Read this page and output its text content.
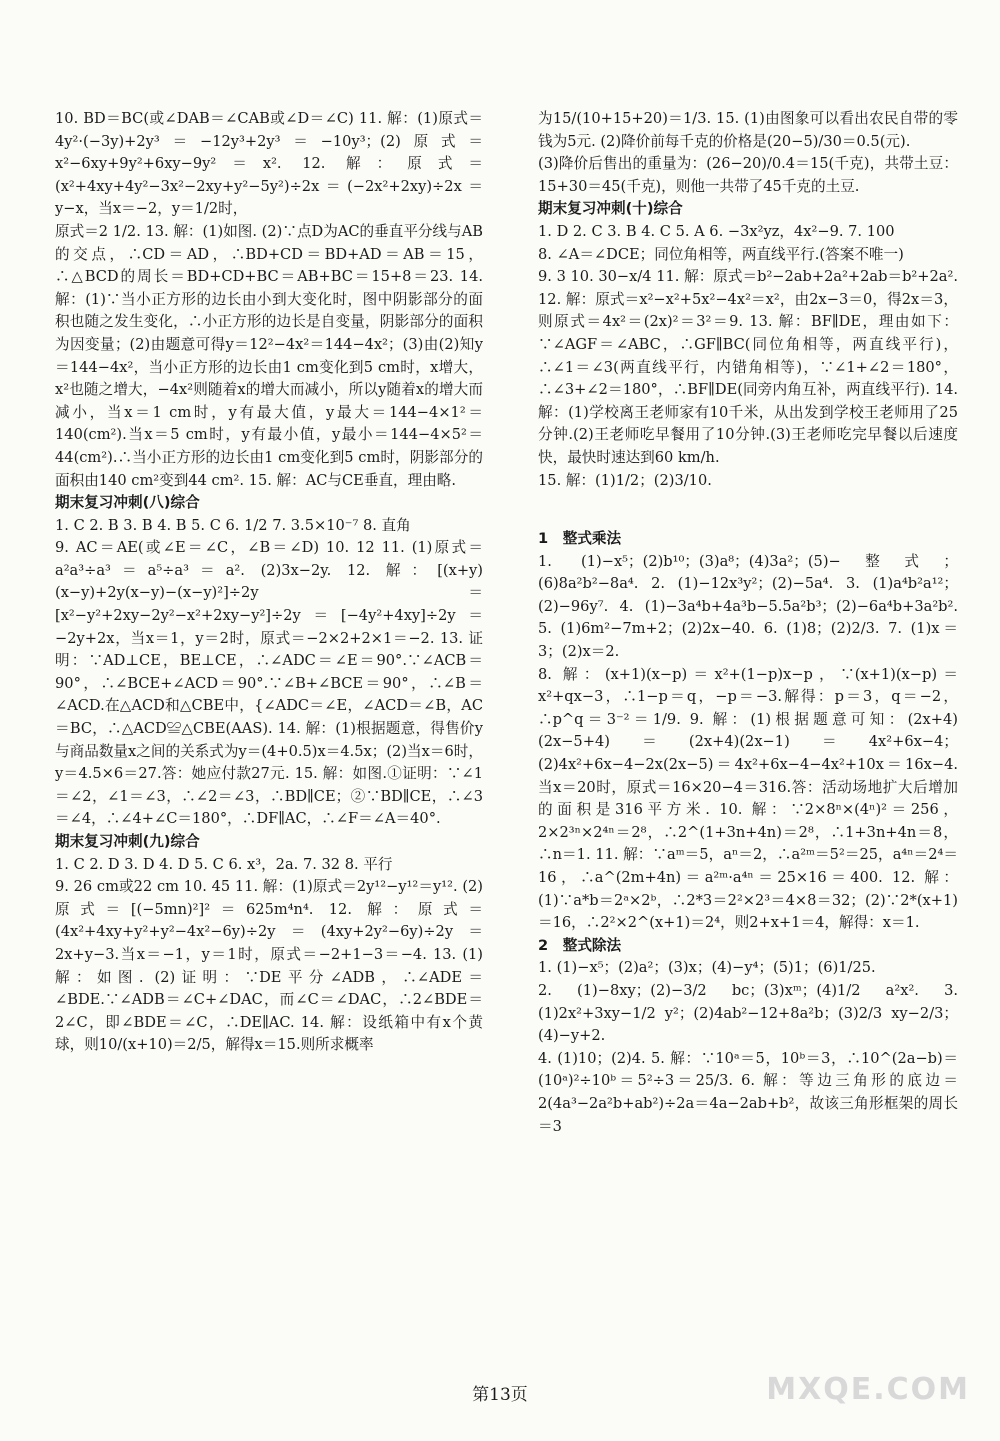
10. BD＝BC(或∠DAB＝∠CAB或∠D＝∠C) 11. 解：(1)原式＝4y²·(−3y)+2y³＝−12y³+2y³＝−10y³；(2)原式＝x²−6xy+9y²+6xy−9y²＝x². 12. 解：原式＝(x²+4xy+4y²−3x²−2xy+y²−5y²)÷2x＝(−2x²+2xy)÷2x＝y−x，当x＝−2，y＝1/2时，

原式＝2 1/2. 13. 解：(1)如图. (2)∵点D为AC的垂直平分线与AB的交点，∴CD＝AD，∴BD+CD＝BD+AD＝AB＝15，∴△BCD的周长＝BD+CD+BC＝AB+BC＝15+8＝23. 14. 解：(1)∵当小正方形的边长由小到大变化时，图中阴影部分的面积也随之发生变化，∴小正方形的边长是自变量，阴影部分的面积为因变量；(2)由题意可得y＝12²−4x²＝144−4x²；(3)由(2)知y＝144−4x²，当小正方形的边长由1 cm变化到5 cm时，x增大，x²也随之增大，−4x²则随着x的增大而减小，所以y随着x的增大而减小，当x＝1 cm时，y有最大值，y最大＝144−4×1²＝140(cm²).当x＝5 cm时，y有最小值，y最小＝144−4×5²＝44(cm²).∴当小正方形的边长由1 cm变化到5 cm时，阴影部分的面积由140 cm²变到44 cm². 15. 解：AC与CE垂直，理由略.

期末复习冲刺(八)综合

1. C 2. B 3. B 4. B 5. C 6. 1/2 7. 3.5×10⁻⁷ 8. 直角

9. AC＝AE(或∠E＝∠C，∠B＝∠D) 10. 12 11. (1)原式＝a²a³÷a³＝a⁵÷a³＝a². (2)3x−2y. 12. 解：[(x+y)(x−y)+2y(x−y)−(x−y)²]÷2y＝[x²−y²+2xy−2y²−x²+2xy−y²]÷2y＝[−4y²+4xy]÷2y＝−2y+2x，当x＝1，y＝2时，原式＝−2×2+2×1＝−2. 13. 证明：∵AD⊥CE，BE⊥CE，∴∠ADC＝∠E＝90°.∵∠ACB＝90°，∴∠BCE+∠ACD＝90°.∵∠B+∠BCE＝90°，∴∠B＝∠ACD.在△ACD和△CBE中，{∠ADC＝∠E，∠ACD＝∠B，AC＝BC，∴△ACD≌△CBE(AAS). 14. 解：(1)根据题意，得售价y与商品数量x之间的关系式为y＝(4+0.5)x＝4.5x；(2)当x＝6时，y＝4.5×6＝27.答：她应付款27元. 15. 解：如图.①证明：∵∠1＝∠2，∠1＝∠3，∴∠2＝∠3，∴BD∥CE；②∵BD∥CE，∴∠3＝∠4，∴∠4+∠C＝180°，∴DF∥AC，∴∠F＝∠A＝40°.

期末复习冲刺(九)综合

1. C 2. D 3. D 4. D 5. C 6. x³，2a. 7. 32 8. 平行

9. 26 cm或22 cm 10. 45 11. 解：(1)原式＝2y¹²−y¹²＝y¹². (2)原式＝[(−5mn)²]²＝625m⁴n⁴. 12. 解：原式＝(4x²+4xy+y²+y²−4x²−6y)÷2y＝(4xy+2y²−6y)÷2y＝2x+y−3.当x＝−1，y＝1时，原式＝−2+1−3＝−4. 13. (1)解：如图. (2)证明：∵DE平分∠ADB，∴∠ADE＝∠BDE.∵∠ADB＝∠C+∠DAC，而∠C＝∠DAC，∴2∠BDE＝2∠C，即∠BDE＝∠C，∴DE∥AC. 14. 解：设纸箱中有x个黄球，则10/(x+10)＝2/5，解得x＝15.则所求概率

为15/(10+15+20)＝1/3. 15. (1)由图象可以看出农民自带的零钱为5元. (2)降价前每千克的价格是(20−5)/30＝0.5(元).

(3)降价后售出的重量为：(26−20)/0.4＝15(千克)，共带土豆：15+30＝45(千克)，则他一共带了45千克的土豆.

期末复习冲刺(十)综合

1. D 2. C 3. B 4. C 5. A 6. −3x²yz，4x²−9. 7. 100

8. ∠A＝∠DCE；同位角相等，两直线平行.(答案不唯一)

9. 3 10. 30−x/4 11. 解：原式＝b²−2ab+2a²+2ab＝b²+2a². 12. 解：原式＝x²−x²+5x²−4x²＝x²，由2x−3＝0，得2x＝3，则原式＝4x²＝(2x)²＝3²＝9. 13. 解：BF∥DE，理由如下：∵∠AGF＝∠ABC，∴GF∥BC(同位角相等，两直线平行)，∴∠1＝∠3(两直线平行，内错角相等)，∵∠1+∠2＝180°，∴∠3+∠2＝180°，∴BF∥DE(同旁内角互补，两直线平行). 14. 解：(1)学校离王老师家有10千米，从出发到学校王老师用了25分钟.(2)王老师吃早餐用了10分钟.(3)王老师吃完早餐以后速度快，最快时速达到60 km/h.

15. 解：(1)1/2；(2)3/10.

1　整式乘法

1. (1)−x⁵；(2)b¹⁰；(3)a⁸；(4)3a²；(5)−整式；(6)8a²b²−8a⁴. 2. (1)−12x³y²；(2)−5a⁴. 3. (1)a⁴b²a¹²；(2)−96y⁷. 4. (1)−3a⁴b+4a³b−5.5a²b³；(2)−6a⁴b+3a²b². 5. (1)6m²−7m+2；(2)2x−40. 6. (1)8；(2)2/3. 7. (1)x＝3；(2)x＝2.

8. 解：(x+1)(x−p)＝x²+(1−p)x−p，∵(x+1)(x−p)＝x²+qx−3，∴1−p＝q，−p＝−3.解得：p＝3，q＝−2，∴p^q＝3⁻²＝1/9. 9. 解：(1)根据题意可知：(2x+4)(2x−5+4)＝(2x+4)(2x−1)＝4x²+6x−4；(2)4x²+6x−4−2x(2x−5)＝4x²+6x−4−4x²+10x＝16x−4.当x＝20时，原式＝16×20−4＝316.答：活动场地扩大后增加的面积是316平方米. 10. 解：∵2×8ⁿ×(4ⁿ)²＝256，2×2³ⁿ×2⁴ⁿ＝2⁸，∴2^(1+3n+4n)＝2⁸，∴1+3n+4n＝8，∴n＝1. 11. 解：∵aᵐ＝5，aⁿ＝2，∴a²ᵐ＝5²＝25，a⁴ⁿ＝2⁴＝16，∴a^(2m+4n)＝a²ᵐ·a⁴ⁿ＝25×16＝400. 12. 解：(1)∵a*b＝2ᵃ×2ᵇ，∴2*3＝2²×2³＝4×8＝32；(2)∵2*(x+1)＝16，∴2²×2^(x+1)＝2⁴，则2+x+1＝4，解得：x＝1.

2　整式除法

1. (1)−x⁵；(2)a²；(3)x；(4)−y⁴；(5)1；(6)1/25.

2. (1)−8xy；(2)−3/2 bc；(3)xᵐ；(4)1/2 a²x². 3. (1)2x²+3xy−1/2 y²；(2)4ab²−12+8a²b；(3)2/3 xy−2/3；(4)−y+2.

4. (1)10；(2)4. 5. 解：∵10ᵃ＝5，10ᵇ＝3，∴10^(2a−b)＝(10ᵃ)²÷10ᵇ＝5²÷3＝25/3. 6. 解：等边三角形的底边＝2(4a³−2a²b+ab²)÷2a＝4a−2ab+b²，故该三角形框架的周长＝3

第13页	MXQE.COM
